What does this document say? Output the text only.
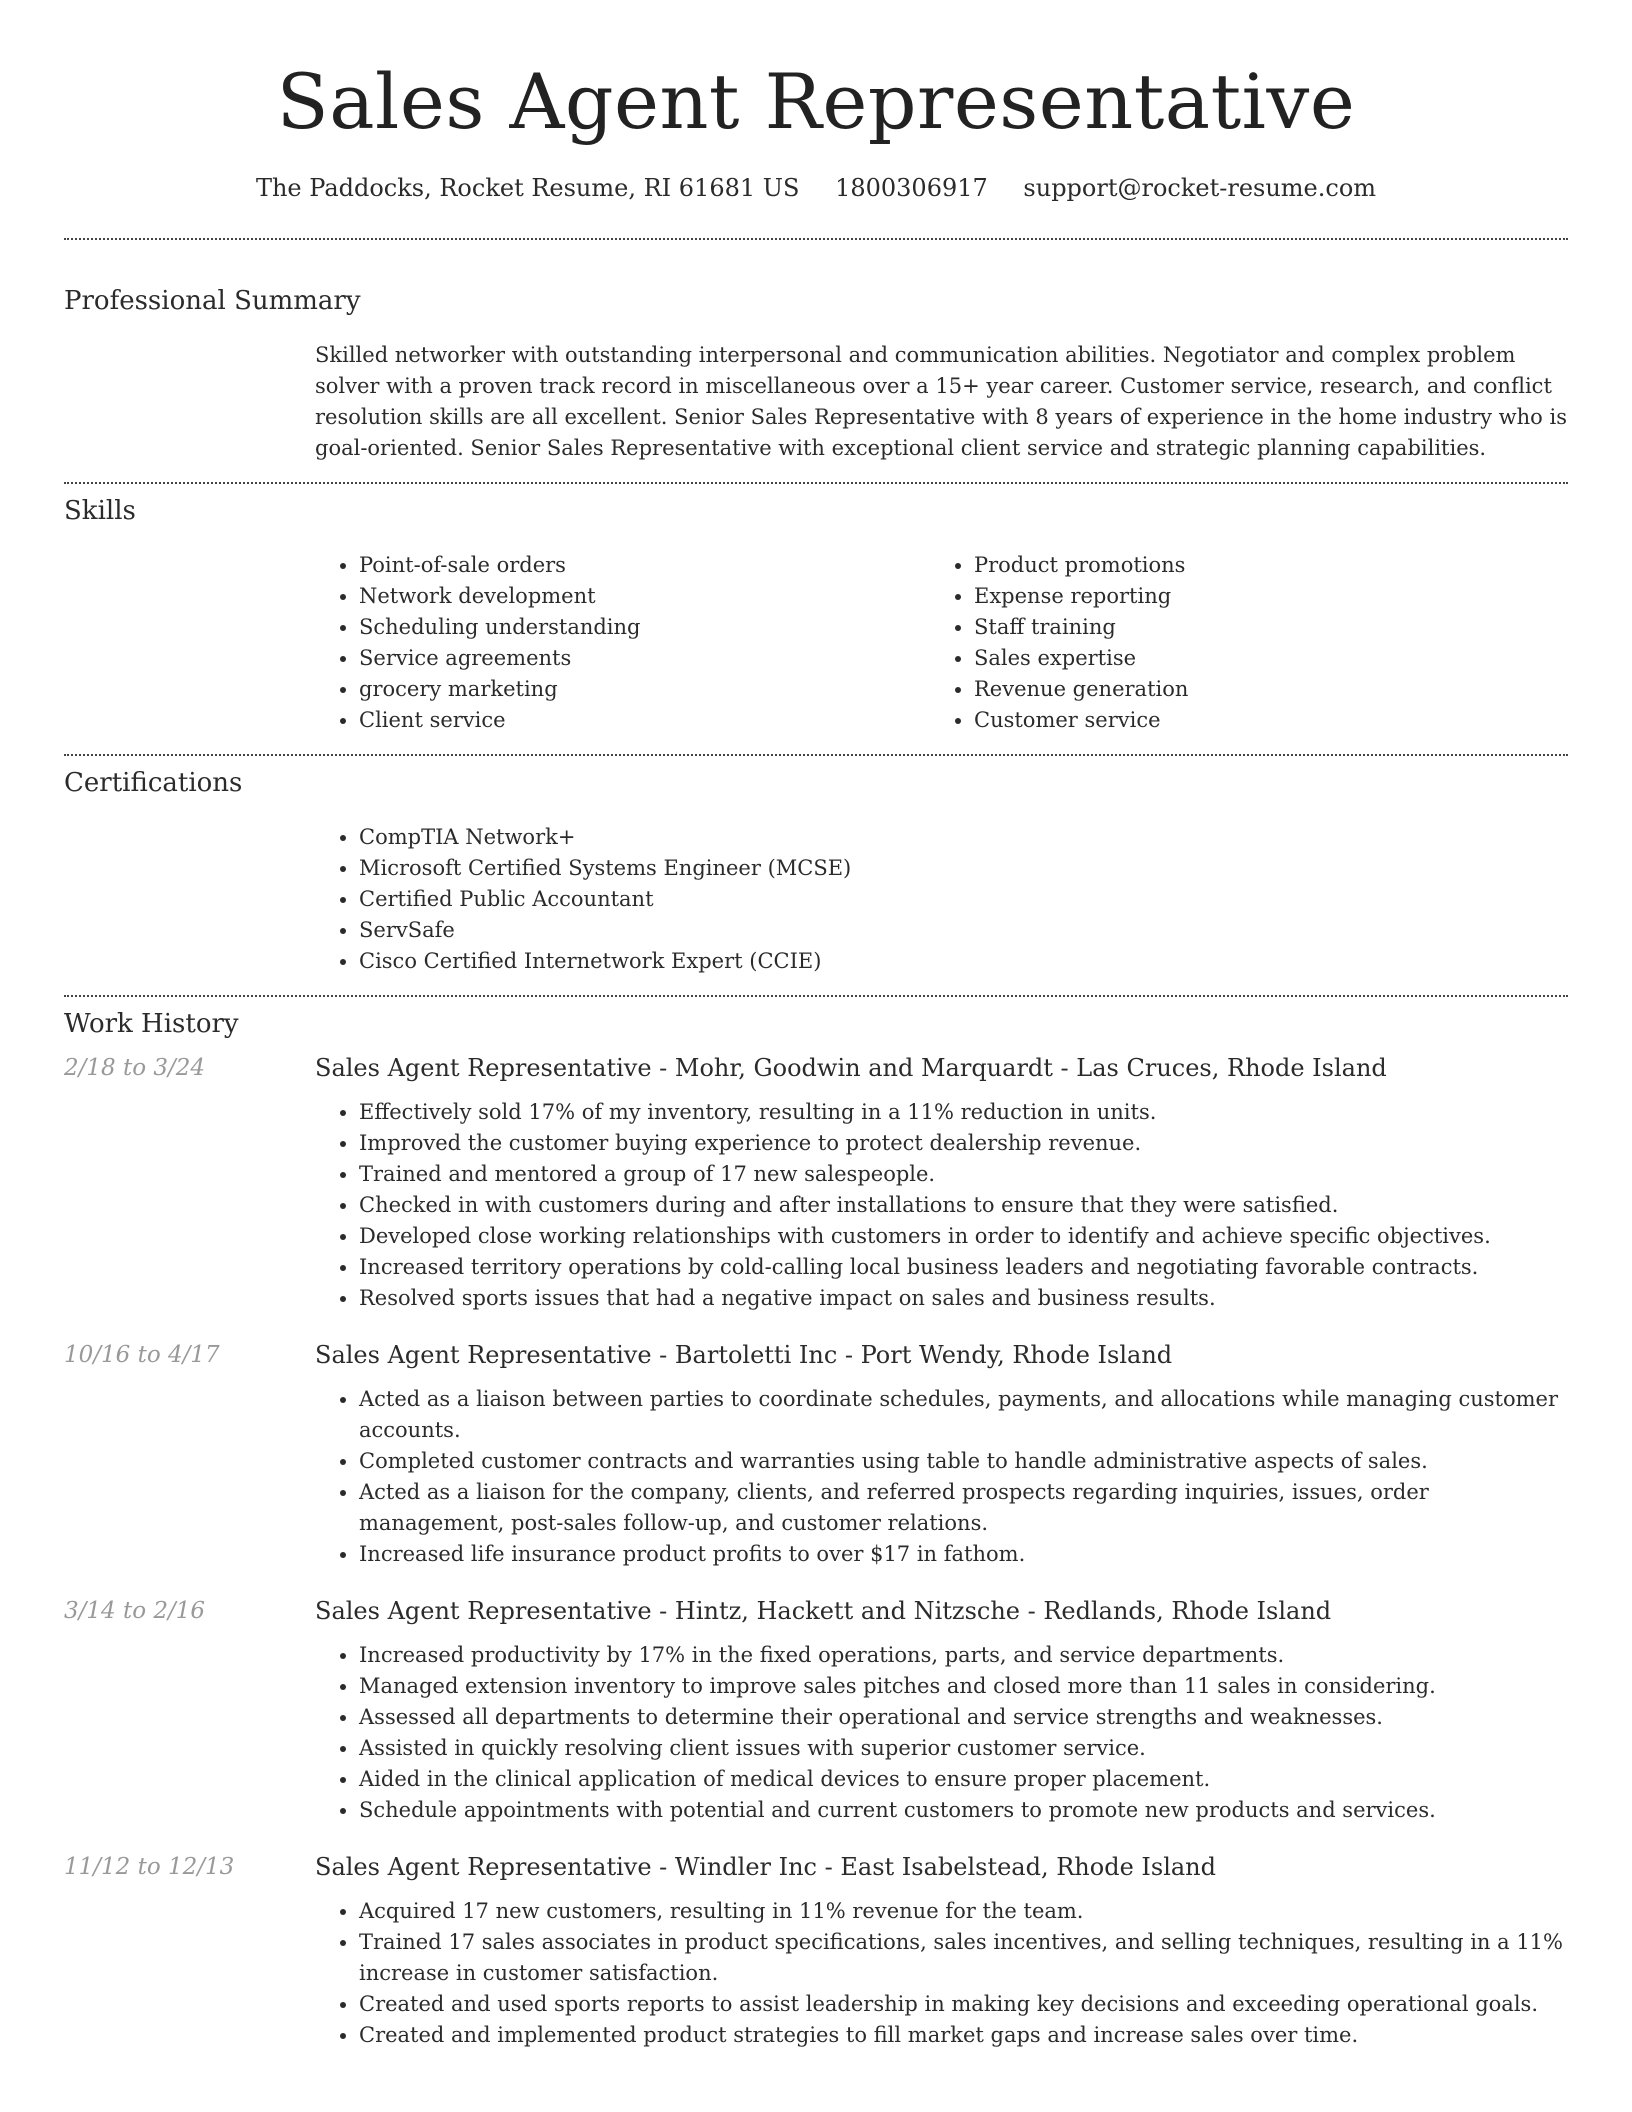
Sales Agent Representative
The Paddocks, Rocket Resume, RI 61681 US 1800306917 support@rocket-resume.com
Professional Summary

Skilled networker with outstanding interpersonal and communication abilities. Negotiator and complex problem solver with a proven track record in miscellaneous over a 15+ year career. Customer service, research, and conflict resolution skills are all excellent. Senior Sales Representative with 8 years of experience in the home industry who is goal-oriented. Senior Sales Representative with exceptional client service and strategic planning capabilities.

Skills
• Point-of-sale orders
• Network development
• Scheduling understanding
• Service agreements
• grocery marketing
• Client service
• Product promotions
• Expense reporting
• Staff training
• Sales expertise
• Revenue generation
• Customer service
Certifications
• CompTIA Network+
• Microsoft Certified Systems Engineer (MCSE)
• Certified Public Accountant
• ServSafe
• Cisco Certified Internetwork Expert (CCIE)
Work History
2/18 to 3/24	Sales Agent Representative - Mohr, Goodwin and Marquardt - Las Cruces, Rhode Island
• Effectively sold 17% of my inventory, resulting in a 11% reduction in units.
• Improved the customer buying experience to protect dealership revenue.
• Trained and mentored a group of 17 new salespeople.
• Checked in with customers during and after installations to ensure that they were satisfied.
• Developed close working relationships with customers in order to identify and achieve specific objectives.
• Increased territory operations by cold-calling local business leaders and negotiating favorable contracts.
• Resolved sports issues that had a negative impact on sales and business results.
10/16 to 4/17	Sales Agent Representative - Bartoletti Inc - Port Wendy, Rhode Island
• Acted as a liaison between parties to coordinate schedules, payments, and allocations while managing customer accounts.
• Completed customer contracts and warranties using table to handle administrative aspects of sales.
• Acted as a liaison for the company, clients, and referred prospects regarding inquiries, issues, order management, post-sales follow-up, and customer relations.
• Increased life insurance product profits to over $17 in fathom.
3/14 to 2/16	Sales Agent Representative - Hintz, Hackett and Nitzsche - Redlands, Rhode Island
• Increased productivity by 17% in the fixed operations, parts, and service departments.
• Managed extension inventory to improve sales pitches and closed more than 11 sales in considering.
• Assessed all departments to determine their operational and service strengths and weaknesses.
• Assisted in quickly resolving client issues with superior customer service.
• Aided in the clinical application of medical devices to ensure proper placement.
• Schedule appointments with potential and current customers to promote new products and services.
11/12 to 12/13	Sales Agent Representative - Windler Inc - East Isabelstead, Rhode Island
• Acquired 17 new customers, resulting in 11% revenue for the team.
• Trained 17 sales associates in product specifications, sales incentives, and selling techniques, resulting in a 11% increase in customer satisfaction.
• Created and used sports reports to assist leadership in making key decisions and exceeding operational goals.
• Created and implemented product strategies to fill market gaps and increase sales over time.
